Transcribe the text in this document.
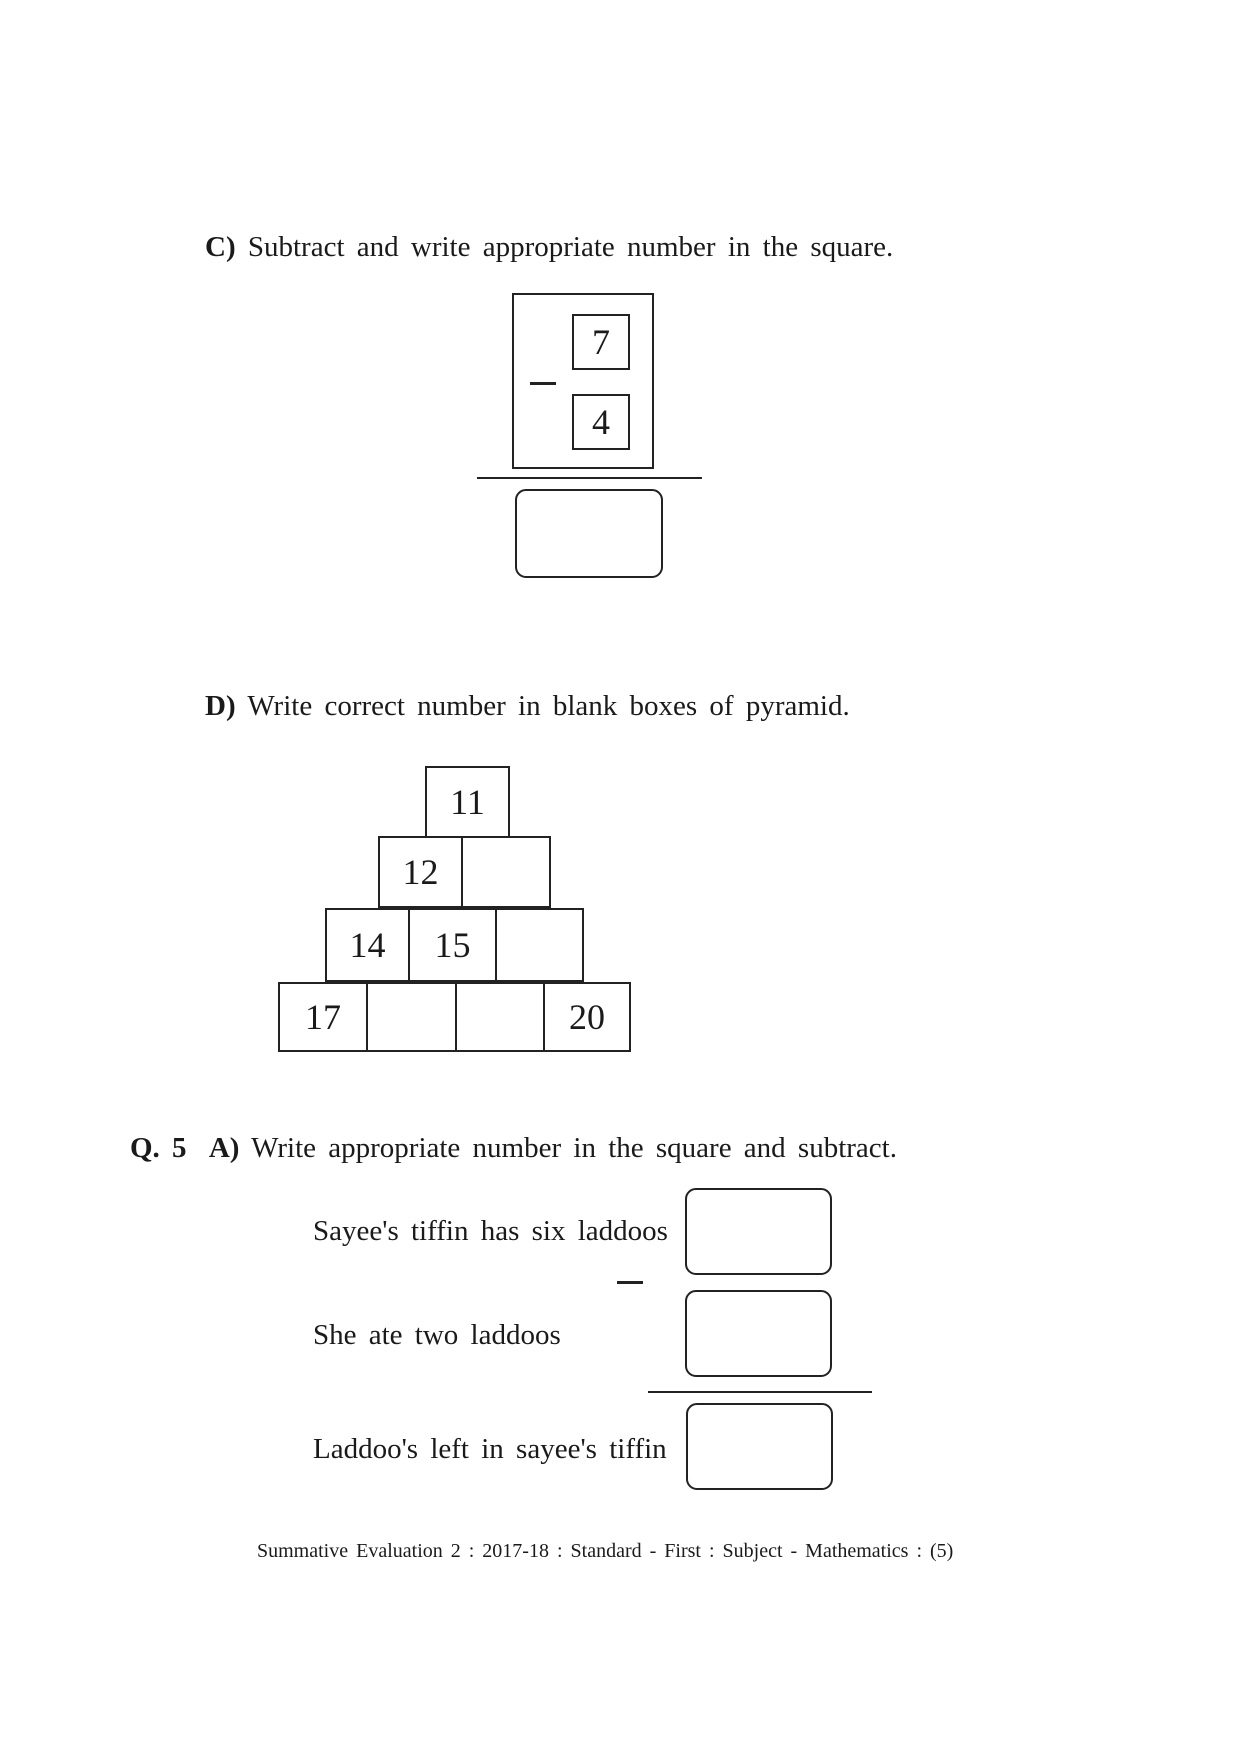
C) Subtract and write appropriate number in the square.
7
4
D) Write correct number in blank boxes of pyramid.
11
12
14	15
17	20
Q. 5 A) Write appropriate number in the square and subtract.
Sayee's tiffin has six laddoos
She ate two laddoos
Laddoo's left in sayee's tiffin
Summative Evaluation 2 : 2017-18 : Standard - First : Subject - Mathematics : (5)
